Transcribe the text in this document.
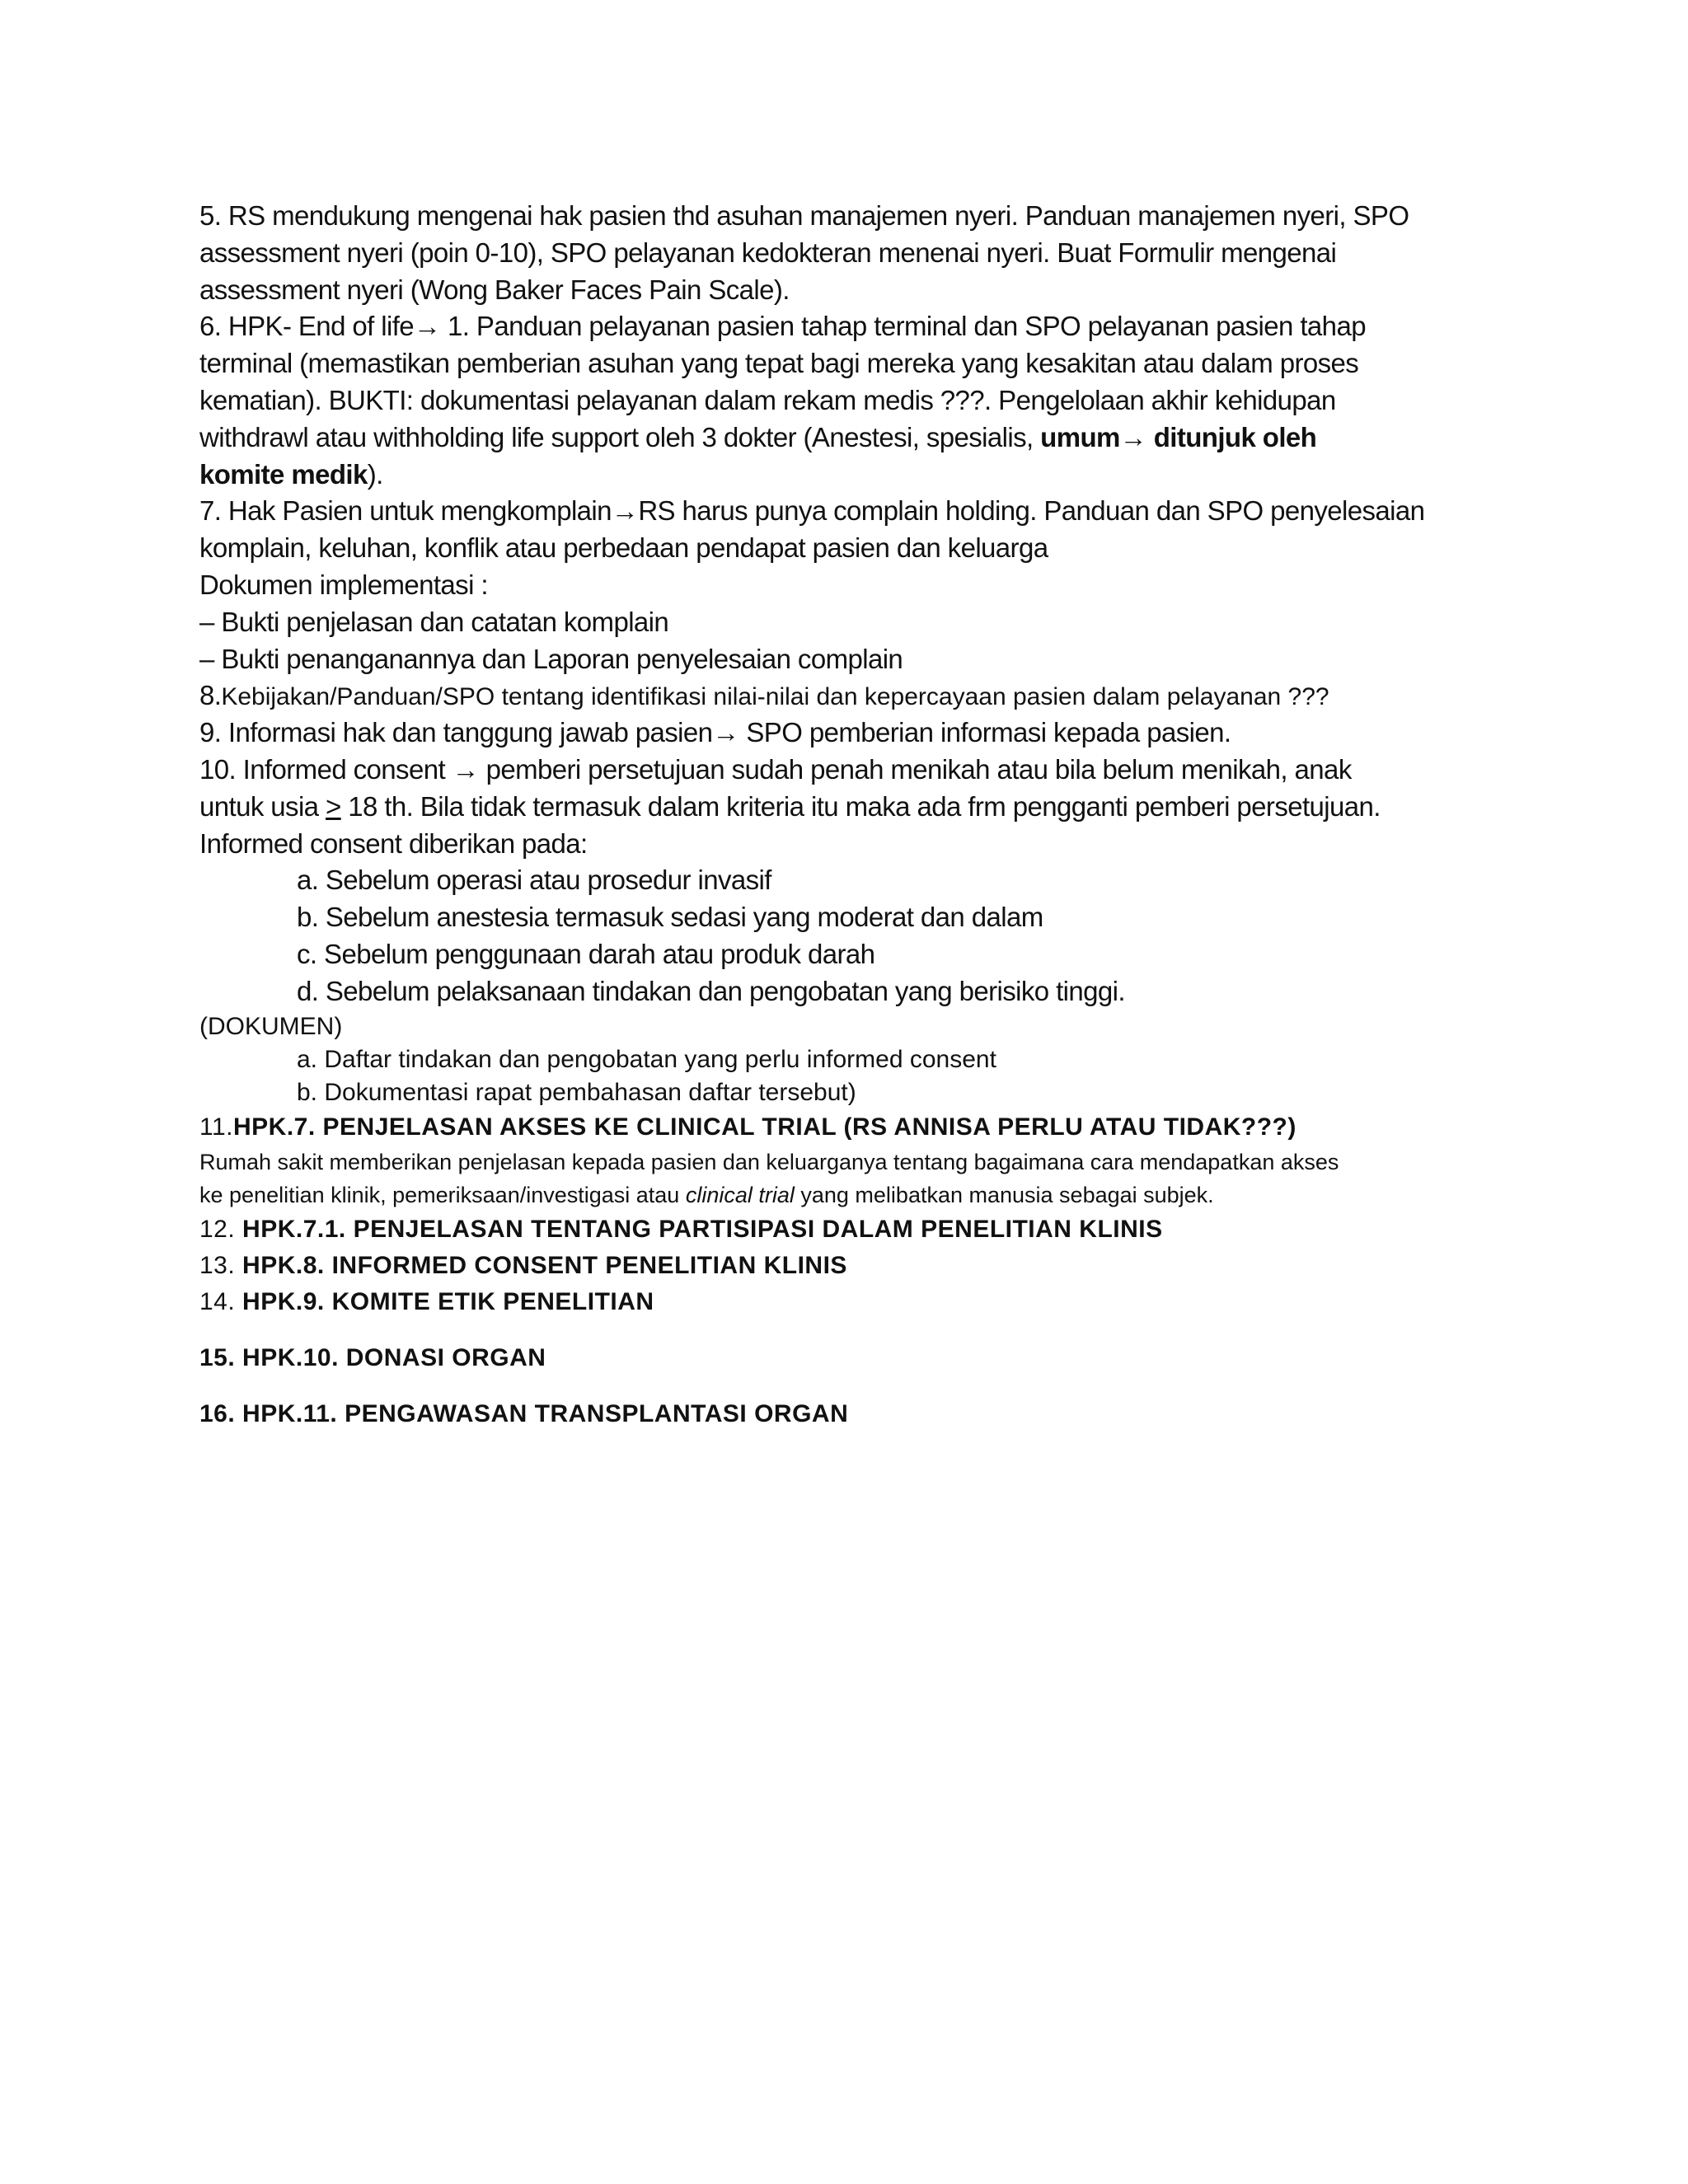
5. RS mendukung mengenai hak pasien thd asuhan manajemen nyeri. Panduan manajemen nyeri, SPO

assessment nyeri (poin 0-10), SPO pelayanan kedokteran menenai nyeri. Buat Formulir mengenai

assessment nyeri (Wong Baker Faces Pain Scale).

6. HPK- End of life→ 1. Panduan pelayanan pasien tahap terminal dan SPO pelayanan pasien tahap

terminal (memastikan pemberian asuhan yang tepat bagi mereka yang kesakitan atau dalam proses

kematian). BUKTI: dokumentasi pelayanan dalam rekam medis ???. Pengelolaan akhir kehidupan

withdrawl atau withholding life support oleh 3 dokter (Anestesi, spesialis, umum→ ditunjuk oleh

komite medik).

7. Hak Pasien untuk mengkomplain→RS harus punya complain holding. Panduan dan SPO penyelesaian

komplain, keluhan, konflik atau perbedaan pendapat pasien dan keluarga

Dokumen implementasi :

– Bukti penjelasan dan catatan komplain

– Bukti penanganannya dan Laporan penyelesaian complain

8.Kebijakan/Panduan/SPO tentang identifikasi nilai-nilai dan kepercayaan pasien dalam pelayanan ???

9. Informasi hak dan tanggung jawab pasien→ SPO pemberian informasi kepada pasien.

10. Informed consent → pemberi persetujuan sudah penah menikah atau bila belum menikah, anak

untuk usia > 18 th. Bila tidak termasuk dalam kriteria itu maka ada frm pengganti pemberi persetujuan.

Informed consent diberikan pada:

a. Sebelum operasi atau prosedur invasif

b. Sebelum anestesia termasuk sedasi yang moderat dan dalam

c. Sebelum penggunaan darah atau produk darah

d. Sebelum pelaksanaan tindakan dan pengobatan yang berisiko tinggi.

(DOKUMEN)

a. Daftar tindakan dan pengobatan yang perlu informed consent

b. Dokumentasi rapat pembahasan daftar tersebut)

11.HPK.7. PENJELASAN AKSES KE CLINICAL TRIAL (RS ANNISA PERLU ATAU TIDAK???)

Rumah sakit memberikan penjelasan kepada pasien dan keluarganya tentang bagaimana cara mendapatkan akses

ke penelitian klinik, pemeriksaan/investigasi atau clinical trial yang melibatkan manusia sebagai subjek.

12. HPK.7.1. PENJELASAN TENTANG PARTISIPASI DALAM PENELITIAN KLINIS

13. HPK.8. INFORMED CONSENT PENELITIAN KLINIS

14. HPK.9. KOMITE ETIK PENELITIAN

15. HPK.10. DONASI ORGAN

16. HPK.11. PENGAWASAN TRANSPLANTASI ORGAN
